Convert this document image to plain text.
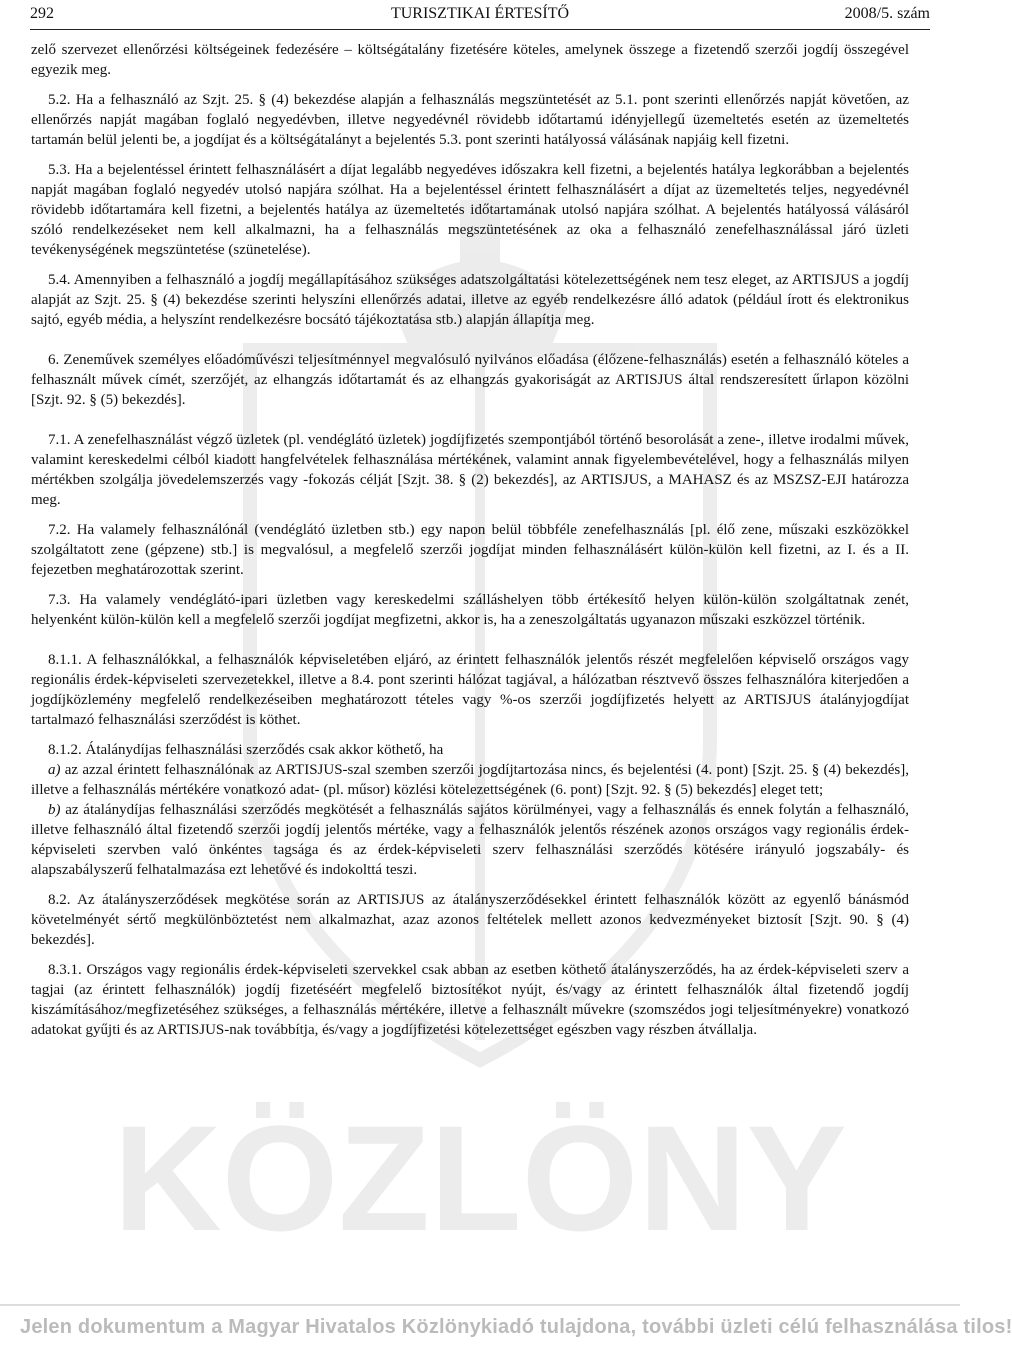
KÖZLÖNY
292	TURISZTIKAI ÉRTESÍTŐ	2008/5. szám

zelő szervezet ellenőrzési költségeinek fedezésére – költségátalány fizetésére köteles, amelynek összege a fizetendő szerzői jogdíj összegével egyezik meg.

5.2. Ha a felhasználó az Szjt. 25. § (4) bekezdése alapján a felhasználás megszüntetését az 5.1. pont szerinti ellenőrzés napját követően, az ellenőrzés napját magában foglaló negyedévben, illetve negyedévnél rövidebb időtartamú idényjellegű üzemeltetés esetén az üzemeltetés tartamán belül jelenti be, a jogdíjat és a költségátalányt a bejelentés 5.3. pont szerinti hatályossá válásának napjáig kell fizetni.

5.3. Ha a bejelentéssel érintett felhasználásért a díjat legalább negyedéves időszakra kell fizetni, a bejelentés hatálya legkorábban a bejelentés napját magában foglaló negyedév utolsó napjára szólhat. Ha a bejelentéssel érintett felhasználásért a díjat az üzemeltetés teljes, negyedévnél rövidebb időtartamára kell fizetni, a bejelentés hatálya az üzemeltetés időtartamának utolsó napjára szólhat. A bejelentés hatályossá válásáról szóló rendelkezéseket nem kell alkalmazni, ha a felhasználás megszüntetésének az oka a felhasználó zenefelhasználással járó üzleti tevékenységének megszüntetése (szünetelése).

5.4. Amennyiben a felhasználó a jogdíj megállapításához szükséges adatszolgáltatási kötelezettségének nem tesz eleget, az ARTISJUS a jogdíj alapját az Szjt. 25. § (4) bekezdése szerinti helyszíni ellenőrzés adatai, illetve az egyéb rendelkezésre álló adatok (például írott és elektronikus sajtó, egyéb média, a helyszínt rendelkezésre bocsátó tájékoztatása stb.) alapján állapítja meg.

6. Zeneművek személyes előadóművészi teljesítménnyel megvalósuló nyilvános előadása (élőzene-felhasználás) esetén a felhasználó köteles a felhasznált művek címét, szerzőjét, az elhangzás időtartamát és az elhangzás gyakoriságát az ARTISJUS által rendszeresített űrlapon közölni [Szjt. 92. § (5) bekezdés].

7.1. A zenefelhasználást végző üzletek (pl. vendéglátó üzletek) jogdíjfizetés szempontjából történő besorolását a zene-, illetve irodalmi művek, valamint kereskedelmi célból kiadott hangfelvételek felhasználása mértékének, valamint annak figyelembevételével, hogy a felhasználás milyen mértékben szolgálja jövedelemszerzés vagy -fokozás célját [Szjt. 38. § (2) bekezdés], az ARTISJUS, a MAHASZ és az MSZSZ-EJI határozza meg.

7.2. Ha valamely felhasználónál (vendéglátó üzletben stb.) egy napon belül többféle zenefelhasználás [pl. élő zene, műszaki eszközökkel szolgáltatott zene (gépzene) stb.] is megvalósul, a megfelelő szerzői jogdíjat minden felhasználásért külön-külön kell fizetni, az I. és a II. fejezetben meghatározottak szerint.

7.3. Ha valamely vendéglátó-ipari üzletben vagy kereskedelmi szálláshelyen több értékesítő helyen külön-külön szolgáltatnak zenét, helyenként külön-külön kell a megfelelő szerzői jogdíjat megfizetni, akkor is, ha a zeneszolgáltatás ugyanazon műszaki eszközzel történik.

8.1.1. A felhasználókkal, a felhasználók képviseletében eljáró, az érintett felhasználók jelentős részét megfelelően képviselő országos vagy regionális érdek-képviseleti szervezetekkel, illetve a 8.4. pont szerinti hálózat tagjával, a hálózatban résztvevő összes felhasználóra kiterjedően a jogdíjközlemény megfelelő rendelkezéseiben meghatározott tételes vagy %-os szerzői jogdíjfizetés helyett az ARTISJUS átalányjogdíjat tartalmazó felhasználási szerződést is köthet.

8.1.2. Átalánydíjas felhasználási szerződés csak akkor köthető, ha

a) az azzal érintett felhasználónak az ARTISJUS-szal szemben szerzői jogdíjtartozása nincs, és bejelentési (4. pont) [Szjt. 25. § (4) bekezdés], illetve a felhasználás mértékére vonatkozó adat- (pl. műsor) közlési kötelezettségének (6. pont) [Szjt. 92. § (5) bekezdés] eleget tett;

b) az átalánydíjas felhasználási szerződés megkötését a felhasználás sajátos körülményei, vagy a felhasználás és ennek folytán a felhasználó, illetve felhasználó által fizetendő szerzői jogdíj jelentős mértéke, vagy a felhasználók jelentős részének azonos országos vagy regionális érdek-képviseleti szervben való önkéntes tagsága és az érdek-képviseleti szerv felhasználási szerződés kötésére irányuló jogszabály- és alapszabályszerű felhatalmazása ezt lehetővé és indokolttá teszi.

8.2. Az átalányszerződések megkötése során az ARTISJUS az átalányszerződésekkel érintett felhasználók között az egyenlő bánásmód követelményét sértő megkülönböztetést nem alkalmazhat, azaz azonos feltételek mellett azonos kedvezményeket biztosít [Szjt. 90. § (4) bekezdés].

8.3.1. Országos vagy regionális érdek-képviseleti szervekkel csak abban az esetben köthető átalányszerződés, ha az érdek-képviseleti szerv a tagjai (az érintett felhasználók) jogdíj fizetéséért megfelelő biztosítékot nyújt, és/vagy az érintett felhasználók által fizetendő jogdíj kiszámításához/megfizetéséhez szükséges, a felhasználás mértékére, illetve a felhasznált művekre (szomszédos jogi teljesítményekre) vonatkozó adatokat gyűjti és az ARTISJUS-nak továbbítja, és/vagy a jogdíjfizetési kötelezettséget egészben vagy részben átvállalja.

Jelen dokumentum a Magyar Hivatalos Közlönykiadó tulajdona, további üzleti célú felhasználása tilos!
